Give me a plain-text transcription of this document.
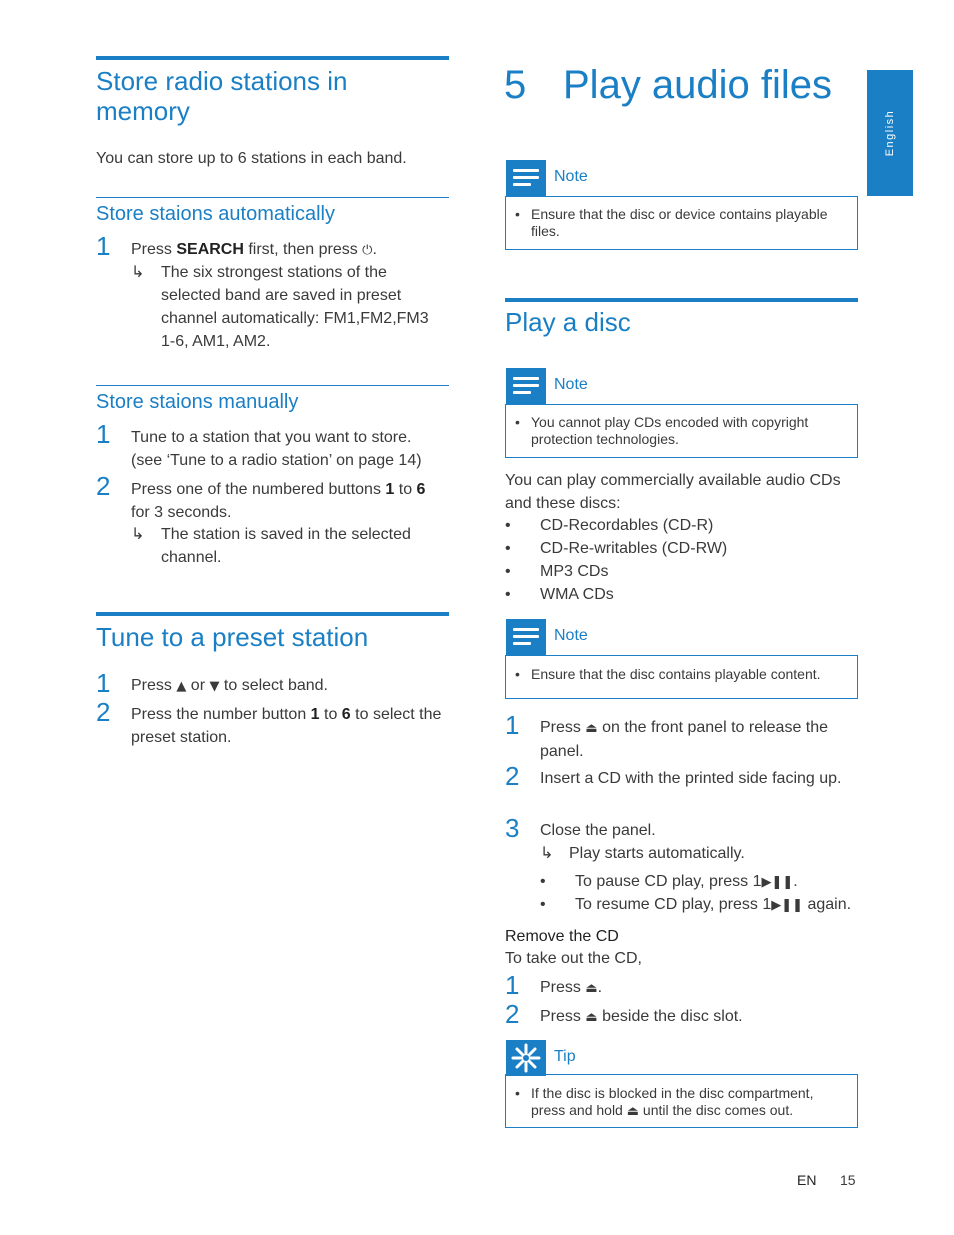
English
Store radio stations in memory
You can store up to 6 stations in each band.
Store staions automatically
1 Press SEARCH first, then press ⏻.
↳ The six strongest stations of the selected band are saved in preset channel automatically: FM1,FM2,FM3 1-6, AM1, AM2.
Store staions manually
1 Tune to a station that you want to store. (see ‘Tune to a radio station’ on page 14)
2 Press one of the numbered buttons 1 to 6 for 3 seconds.
↳ The station is saved in the selected channel.
Tune to a preset station
1 Press ▲ or ▼ to select band.
2 Press the number button 1 to 6 to select the preset station.
5 Play audio files
Note
• Ensure that the disc or device contains playable files.
Play a disc
Note
• You cannot play CDs encoded with copyright protection technologies.
You can play commercially available audio CDs and these discs:
• CD-Recordables (CD-R)
• CD-Re-writables (CD-RW)
• MP3 CDs
• WMA CDs
Note
• Ensure that the disc contains playable content.
1 Press ⏏ on the front panel to release the panel.
2 Insert a CD with the printed side facing up.
3 Close the panel.
↳ Play starts automatically.
• To pause CD play, press 1▶❚❚.
• To resume CD play, press 1▶❚❚ again.
Remove the CD
To take out the CD,
1 Press ⏏.
2 Press ⏏ beside the disc slot.
Tip
• If the disc is blocked in the disc compartment, press and hold ⏏ until the disc comes out.
EN 15
